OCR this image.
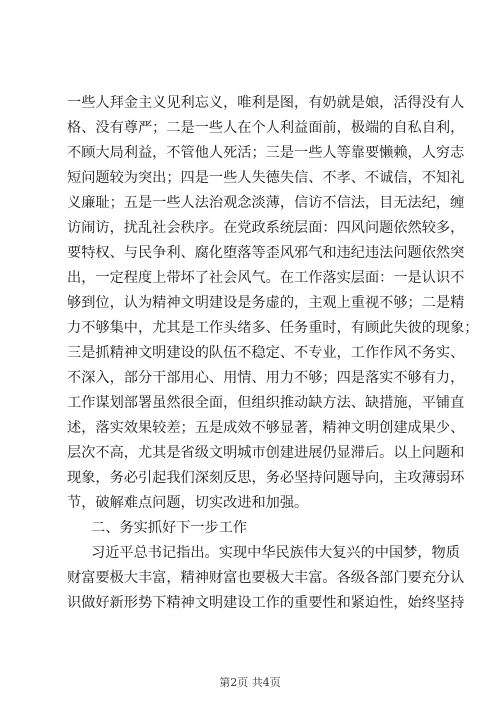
一些人拜金主义见利忘义，唯利是图，有奶就是娘，活得没有人
格、没有尊严；二是一些人在个人利益面前，极端的自私自利，
不顾大局利益，不管他人死活；三是一些人等靠要懒赖，人穷志
短问题较为突出；四是一些人失德失信、不孝、不诚信，不知礼
义廉耻；五是一些人法治观念淡薄，信访不信法，目无法纪，缠
访闹访，扰乱社会秩序。在党政系统层面：四风问题依然较多，
要特权、与民争利、腐化堕落等歪风邪气和违纪违法问题依然突
出，一定程度上带坏了社会风气。在工作落实层面：一是认识不
够到位，认为精神文明建设是务虚的，主观上重视不够；二是精
力不够集中，尤其是工作头绪多、任务重时，有顾此失彼的现象；
三是抓精神文明建设的队伍不稳定、不专业，工作作风不务实、
不深入，部分干部用心、用情、用力不够；四是落实不够有力，
工作谋划部署虽然很全面，但组织推动缺方法、缺措施，平铺直
述，落实效果较差；五是成效不够显著，精神文明创建成果少、
层次不高，尤其是省级文明城市创建进展仍显滞后。以上问题和
现象，务必引起我们深刻反思，务必坚持问题导向，主攻薄弱环
节，破解难点问题，切实改进和加强。
二、务实抓好下一步工作
习近平总书记指出。实现中华民族伟大复兴的中国梦，物质
财富要极大丰富，精神财富也要极大丰富。各级各部门要充分认
识做好新形势下精神文明建设工作的重要性和紧迫性，始终坚持
第2页 共4页
